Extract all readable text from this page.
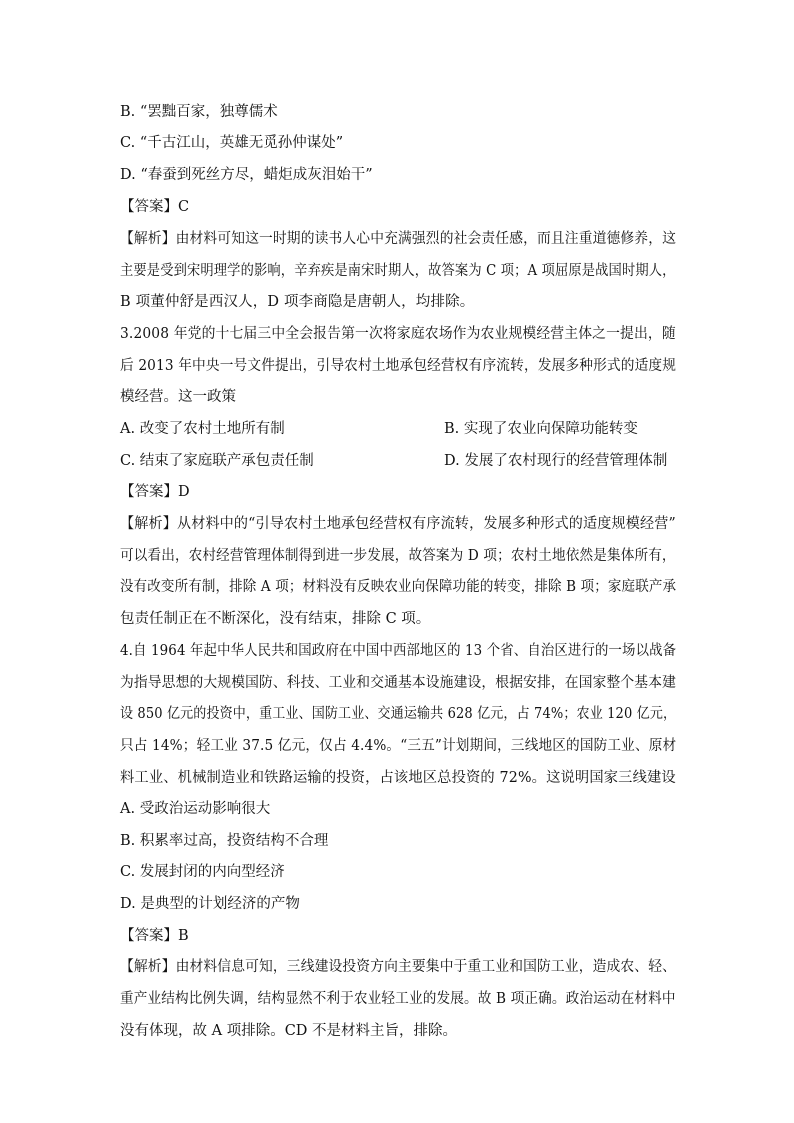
B. “罢黜百家，独尊儒术
C. “千古江山，英雄无觅孙仲谋处”
D. “春蚕到死丝方尽，蜡炬成灰泪始干”
【答案】C
【解析】由材料可知这一时期的读书人心中充满强烈的社会责任感，而且注重道德修养，这
主要是受到宋明理学的影响，辛弃疾是南宋时期人，故答案为 C 项；A 项屈原是战国时期人，
B 项董仲舒是西汉人，D 项李商隐是唐朝人，均排除。
3.2008 年党的十七届三中全会报告第一次将家庭农场作为农业规模经营主体之一提出，随
后 2013 年中央一号文件提出，引导农村土地承包经营权有序流转，发展多种形式的适度规
模经营。这一政策
A. 改变了农村土地所有制	B. 实现了农业向保障功能转变
C. 结束了家庭联产承包责任制	D. 发展了农村现行的经营管理体制
【答案】D
【解析】从材料中的“引导农村土地承包经营权有序流转，发展多种形式的适度规模经营”
可以看出，农村经营管理体制得到进一步发展，故答案为 D 项；农村土地依然是集体所有，
没有改变所有制，排除 A 项；材料没有反映农业向保障功能的转变，排除 B 项；家庭联产承
包责任制正在不断深化，没有结束，排除 C 项。
4.自 1964 年起中华人民共和国政府在中国中西部地区的 13 个省、自治区进行的一场以战备
为指导思想的大规模国防、科技、工业和交通基本设施建设，根据安排，在国家整个基本建
设 850 亿元的投资中，重工业、国防工业、交通运输共 628 亿元，占 74%；农业 120 亿元，
只占 14%；轻工业 37.5 亿元，仅占 4.4%。“三五”计划期间，三线地区的国防工业、原材
料工业、机械制造业和铁路运输的投资，占该地区总投资的 72%。这说明国家三线建设
A. 受政治运动影响很大
B. 积累率过高，投资结构不合理
C. 发展封闭的内向型经济
D. 是典型的计划经济的产物
【答案】B
【解析】由材料信息可知，三线建设投资方向主要集中于重工业和国防工业，造成农、轻、
重产业结构比例失调，结构显然不利于农业轻工业的发展。故 B 项正确。政治运动在材料中
没有体现，故 A 项排除。CD 不是材料主旨，排除。
